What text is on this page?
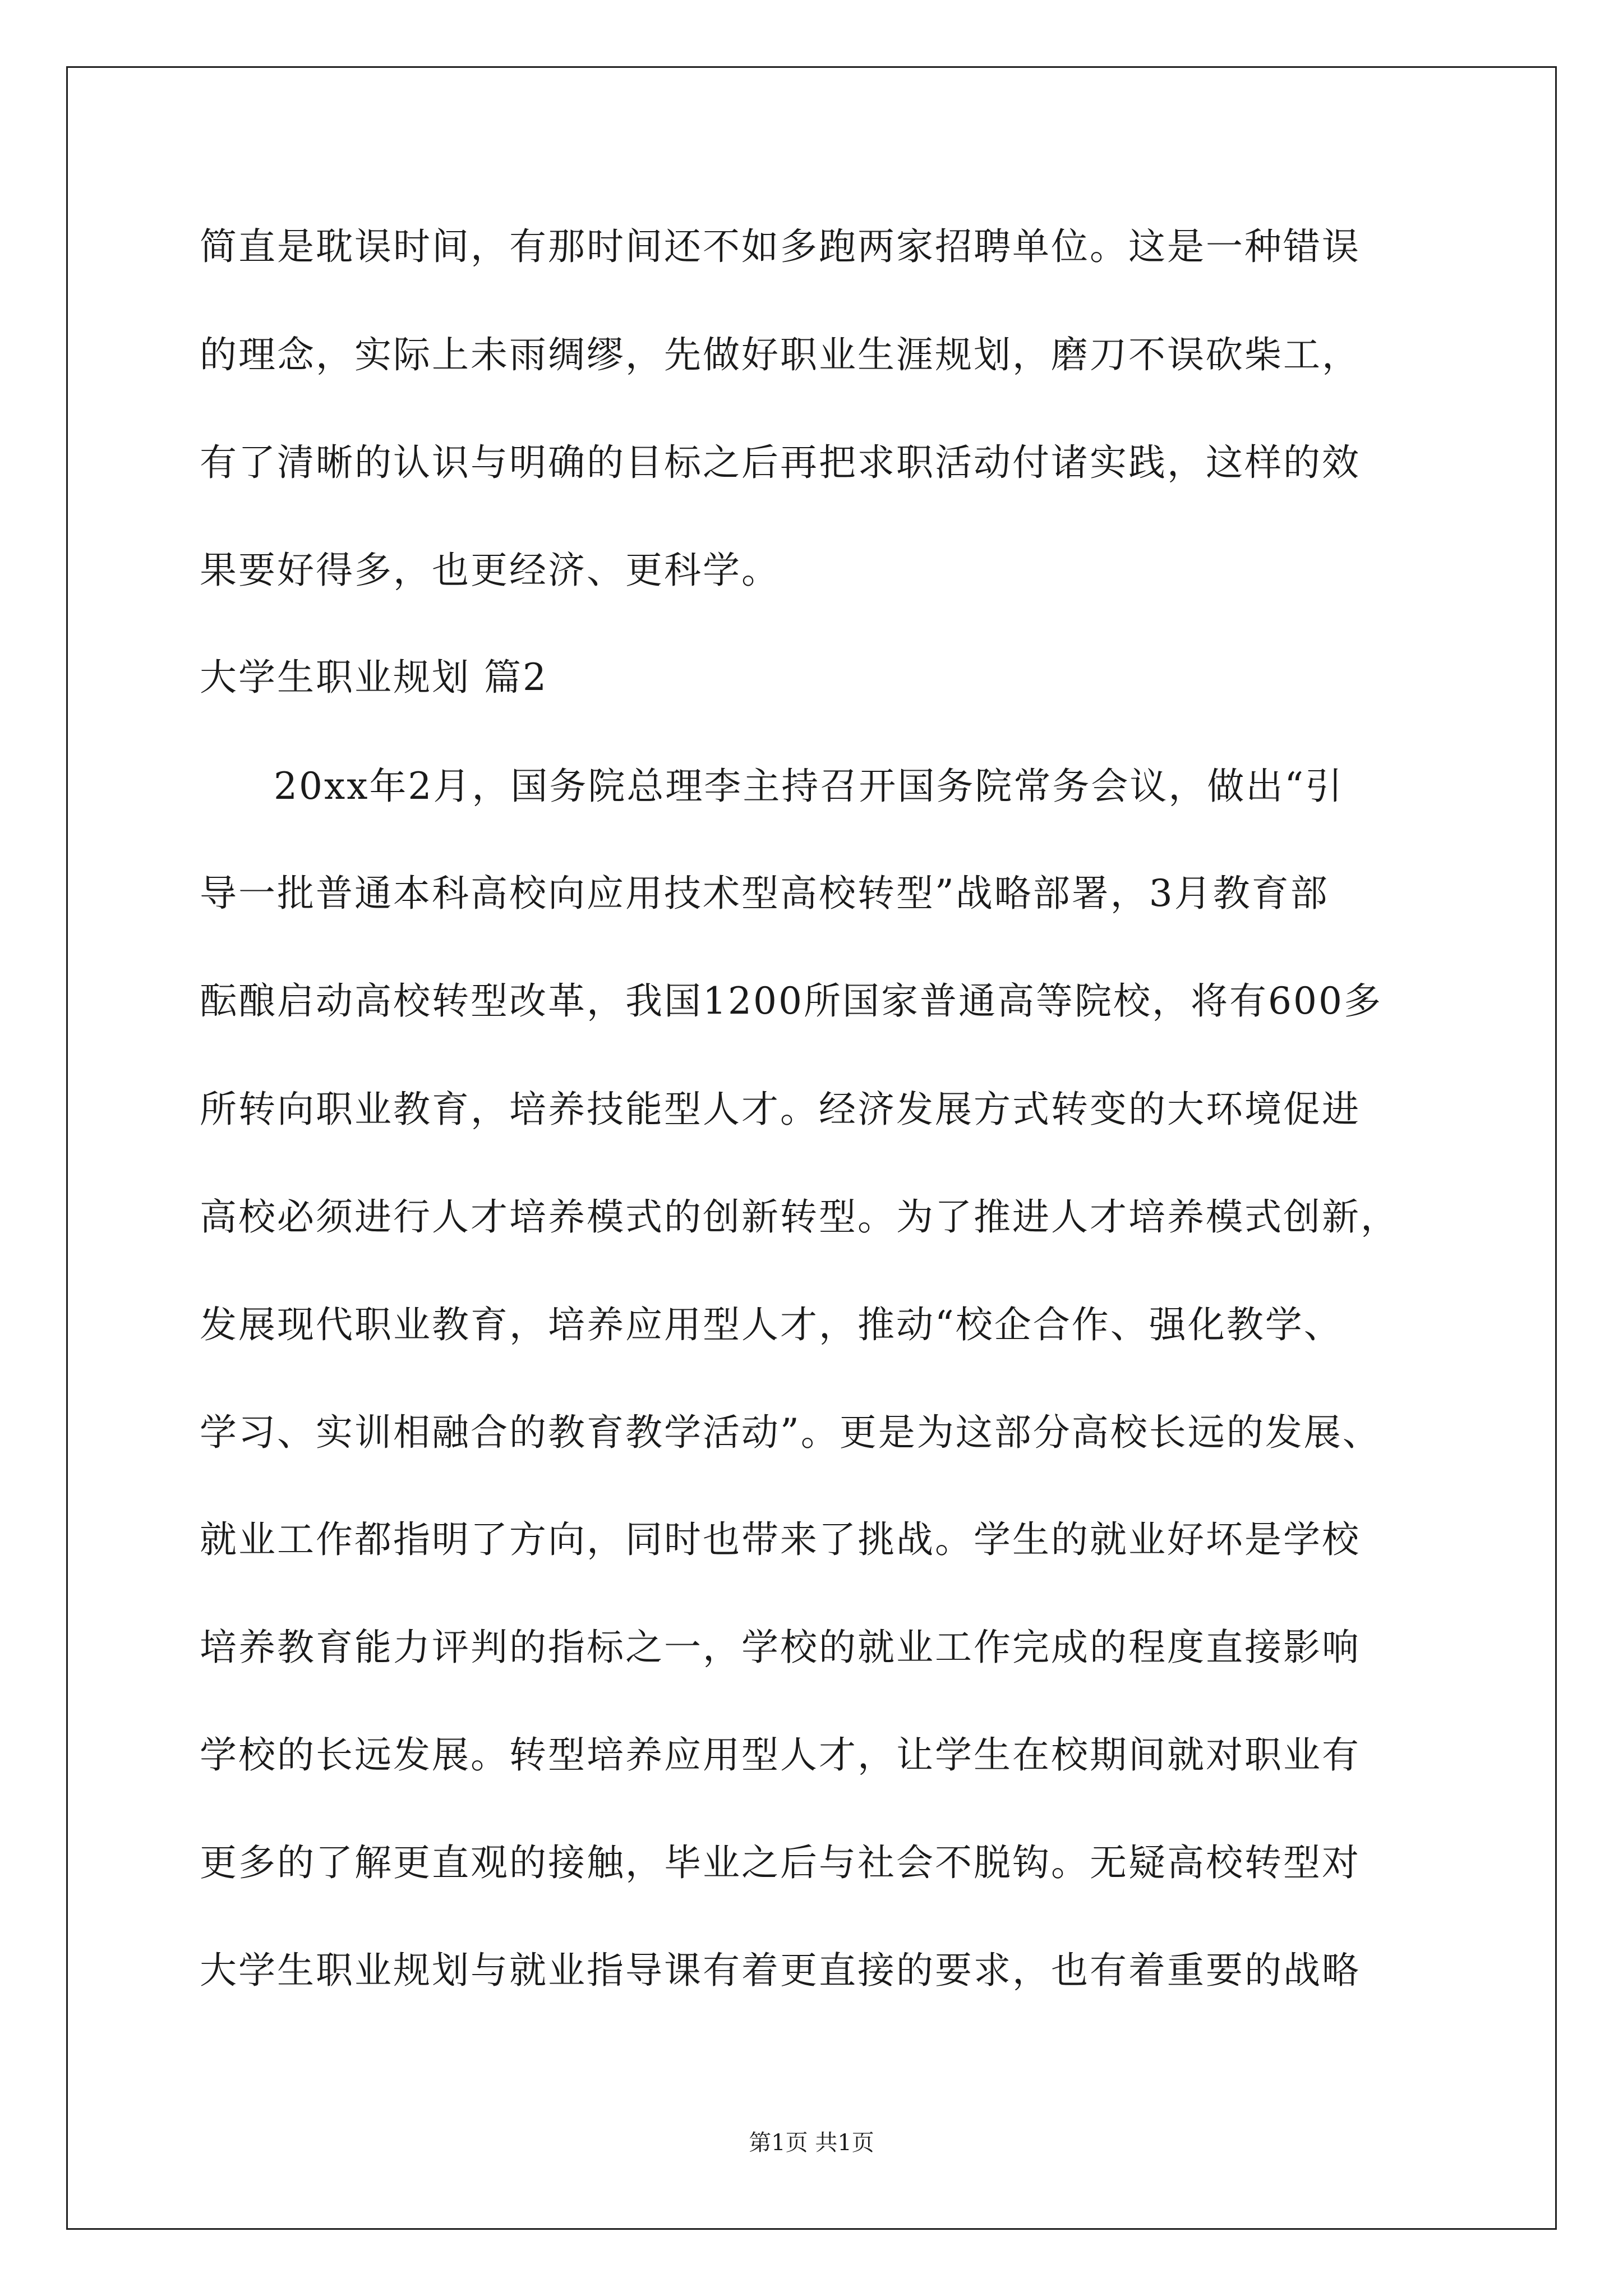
简直是耽误时间，有那时间还不如多跑两家招聘单位。这是一种错误
的理念，实际上未雨绸缪，先做好职业生涯规划，磨刀不误砍柴工，
有了清晰的认识与明确的目标之后再把求职活动付诸实践，这样的效
果要好得多，也更经济、更科学。
大学生职业规划 篇2
20xx年2月，国务院总理李主持召开国务院常务会议，做出“引
导一批普通本科高校向应用技术型高校转型”战略部署，3月教育部
酝酿启动高校转型改革，我国1200所国家普通高等院校，将有600多
所转向职业教育，培养技能型人才。经济发展方式转变的大环境促进
高校必须进行人才培养模式的创新转型。为了推进人才培养模式创新，
发展现代职业教育，培养应用型人才，推动“校企合作、强化教学、
学习、实训相融合的教育教学活动”。更是为这部分高校长远的发展、
就业工作都指明了方向，同时也带来了挑战。学生的就业好坏是学校
培养教育能力评判的指标之一，学校的就业工作完成的程度直接影响
学校的长远发展。转型培养应用型人才，让学生在校期间就对职业有
更多的了解更直观的接触，毕业之后与社会不脱钩。无疑高校转型对
大学生职业规划与就业指导课有着更直接的要求，也有着重要的战略
第1页 共1页
